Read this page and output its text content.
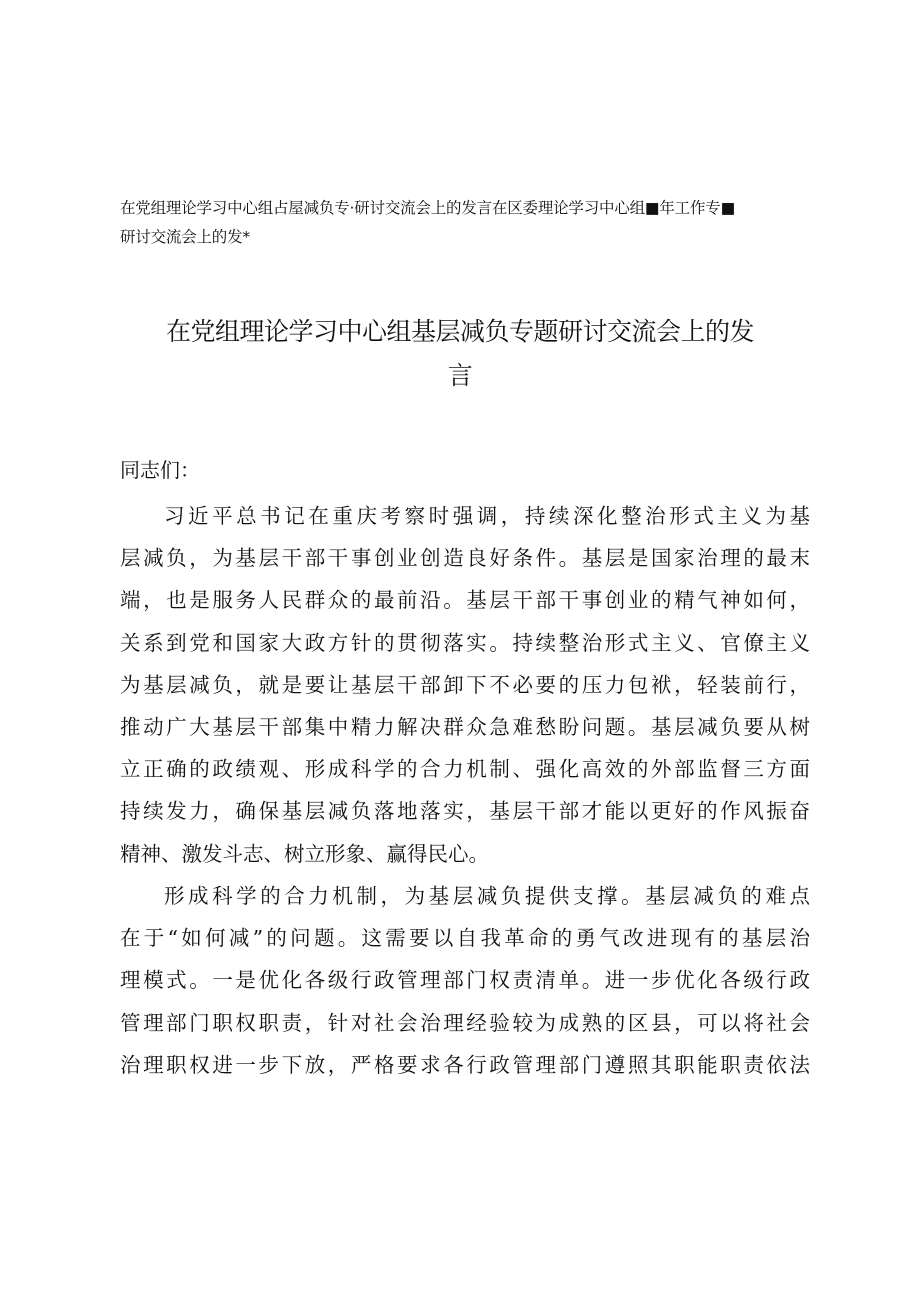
在党组理论学习中心组占屋减负专·研讨交流会上的发言在区委理论学习中心组■年工作专■
研讨交流会上的发*
在党组理论学习中心组基层减负专题研讨交流会上的发
言
同志们：
习近平总书记在重庆考察时强调，持续深化整治形式主义为基
层减负，为基层干部干事创业创造良好条件。基层是国家治理的最末
端，也是服务人民群众的最前沿。基层干部干事创业的精气神如何，
关系到党和国家大政方针的贯彻落实。持续整治形式主义、官僚主义
为基层减负，就是要让基层干部卸下不必要的压力包袱，轻装前行，
推动广大基层干部集中精力解决群众急难愁盼问题。基层减负要从树
立正确的政绩观、形成科学的合力机制、强化高效的外部监督三方面
持续发力，确保基层减负落地落实，基层干部才能以更好的作风振奋
精神、激发斗志、树立形象、赢得民心。
形成科学的合力机制，为基层减负提供支撑。基层减负的难点
在于“如何减”的问题。这需要以自我革命的勇气改进现有的基层治
理模式。一是优化各级行政管理部门权责清单。进一步优化各级行政
管理部门职权职责，针对社会治理经验较为成熟的区县，可以将社会
治理职权进一步下放，严格要求各行政管理部门遵照其职能职责依法
